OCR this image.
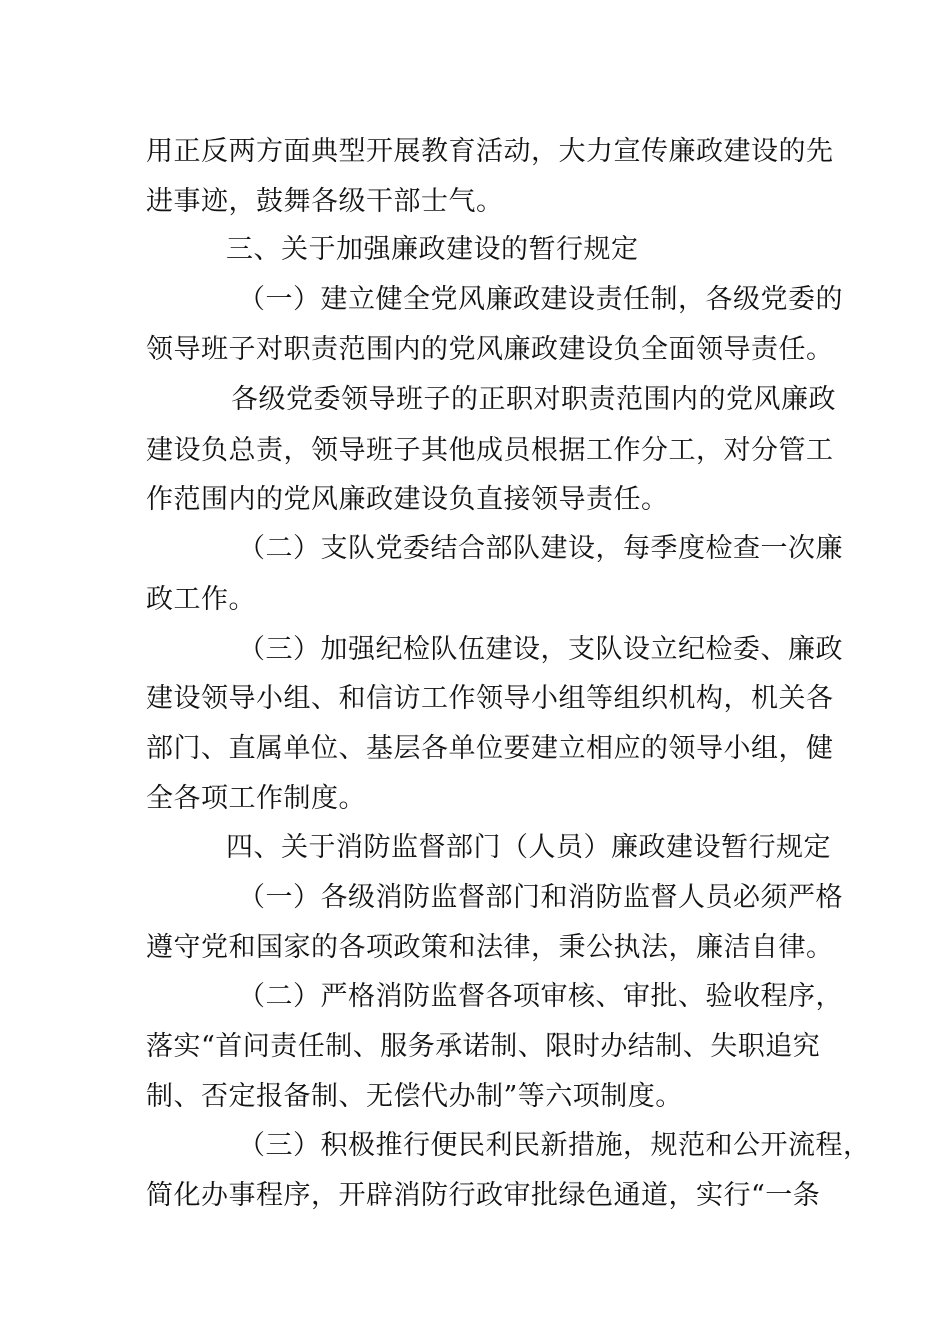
用正反两方面典型开展教育活动，大力宣传廉政建设的先
进事迹，鼓舞各级干部士气。
三、关于加强廉政建设的暂行规定
（一）建立健全党风廉政建设责任制，各级党委的
领导班子对职责范围内的党风廉政建设负全面领导责任。
各级党委领导班子的正职对职责范围内的党风廉政
建设负总责，领导班子其他成员根据工作分工，对分管工
作范围内的党风廉政建设负直接领导责任。
（二）支队党委结合部队建设，每季度检查一次廉
政工作。
（三）加强纪检队伍建设，支队设立纪检委、廉政
建设领导小组、和信访工作领导小组等组织机构，机关各
部门、直属单位、基层各单位要建立相应的领导小组，健
全各项工作制度。
四、关于消防监督部门（人员）廉政建设暂行规定
（一）各级消防监督部门和消防监督人员必须严格
遵守党和国家的各项政策和法律，秉公执法，廉洁自律。
（二）严格消防监督各项审核、审批、验收程序，
落实“首问责任制、服务承诺制、限时办结制、失职追究
制、否定报备制、无偿代办制”等六项制度。
（三）积极推行便民利民新措施，规范和公开流程，
简化办事程序，开辟消防行政审批绿色通道，实行“一条
